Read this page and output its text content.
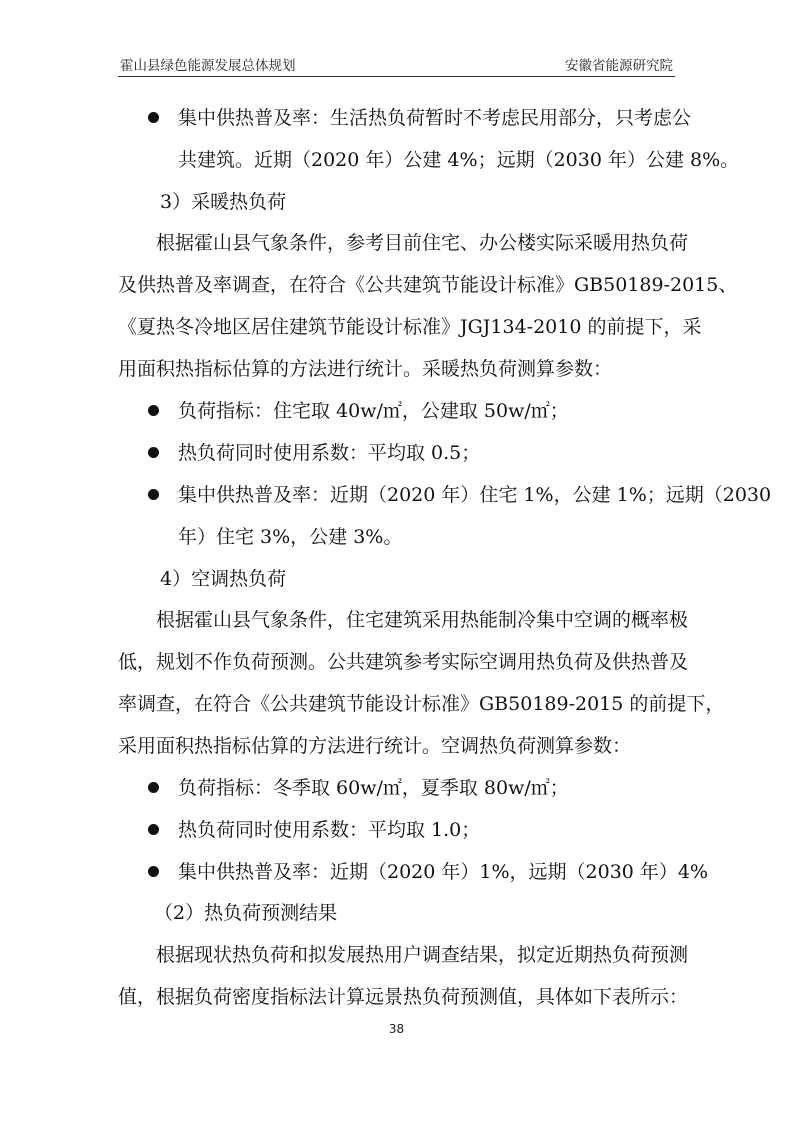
霍山县绿色能源发展总体规划	安徽省能源研究院
集中供热普及率：生活热负荷暂时不考虑民用部分，只考虑公
共建筑。近期（2020 年）公建 4%；远期（2030 年）公建 8%。
3）采暖热负荷
根据霍山县气象条件，参考目前住宅、办公楼实际采暖用热负荷
及供热普及率调查，在符合《公共建筑节能设计标准》GB50189-2015、
《夏热冬冷地区居住建筑节能设计标准》JGJ134-2010 的前提下，采
用面积热指标估算的方法进行统计。采暖热负荷测算参数：
负荷指标：住宅取 40w/㎡，公建取 50w/㎡；
热负荷同时使用系数：平均取 0.5；
集中供热普及率：近期（2020 年）住宅 1%，公建 1%；远期（2030
年）住宅 3%，公建 3%。
4）空调热负荷
根据霍山县气象条件，住宅建筑采用热能制冷集中空调的概率极
低，规划不作负荷预测。公共建筑参考实际空调用热负荷及供热普及
率调查，在符合《公共建筑节能设计标准》GB50189-2015 的前提下，
采用面积热指标估算的方法进行统计。空调热负荷测算参数：
负荷指标：冬季取 60w/㎡，夏季取 80w/㎡；
热负荷同时使用系数：平均取 1.0；
集中供热普及率：近期（2020 年）1%，远期（2030 年）4%
（2）热负荷预测结果
根据现状热负荷和拟发展热用户调查结果，拟定近期热负荷预测
值，根据负荷密度指标法计算远景热负荷预测值，具体如下表所示：
38
